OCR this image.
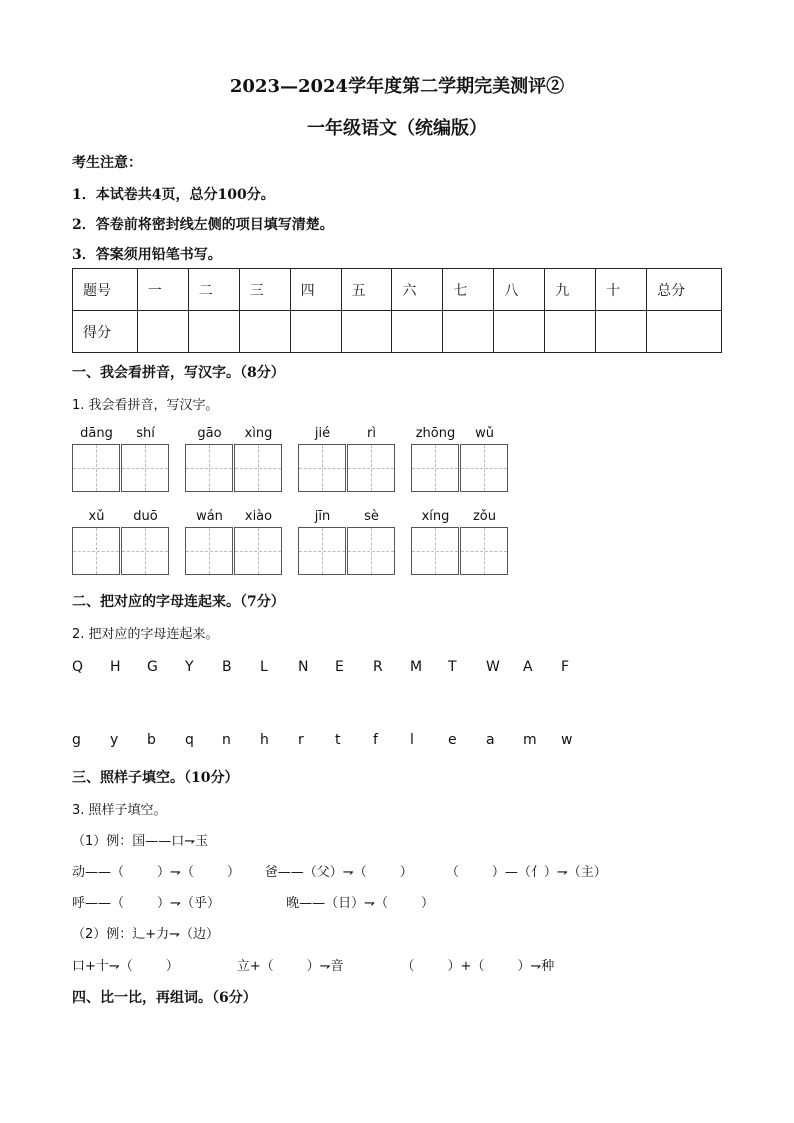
2023—2024学年度第二学期完美测评②
一年级语文（统编版）
考生注意：
1．本试卷共4页，总分100分。
2．答卷前将密封线左侧的项目填写清楚。
3．答案须用铅笔书写。
题号	一	二	三	四	五	六	七	八	九	十	总分
得分											
一、我会看拼音，写汉字。（8分）
1. 我会看拼音，写汉字。
dāng	shí	gāo	xìng	jié	rì	zhōng	wǔ
xǔ	duō	wán	xiào	jīn	sè	xíng	zǒu
二、把对应的字母连起来。（7分）
2. 把对应的字母连起来。
Q H G Y B L N E R M T W A F
g y b q n h r t f l e a m w
三、照样子填空。（10分）
3. 照样子填空。
（1）例：国——口⇁玉
动——（        ）⇁（        ）      爸——（父）⇁（        ）        （        ）—（亻）⇁（主）
呼——（        ）⇁（乎）                晚——（日）⇁（        ）
（2）例：辶+力⇁（边）
口+十⇁（        ）              立+（        ）⇁音              （        ）+（        ）⇁种
四、比一比，再组词。（6分）
